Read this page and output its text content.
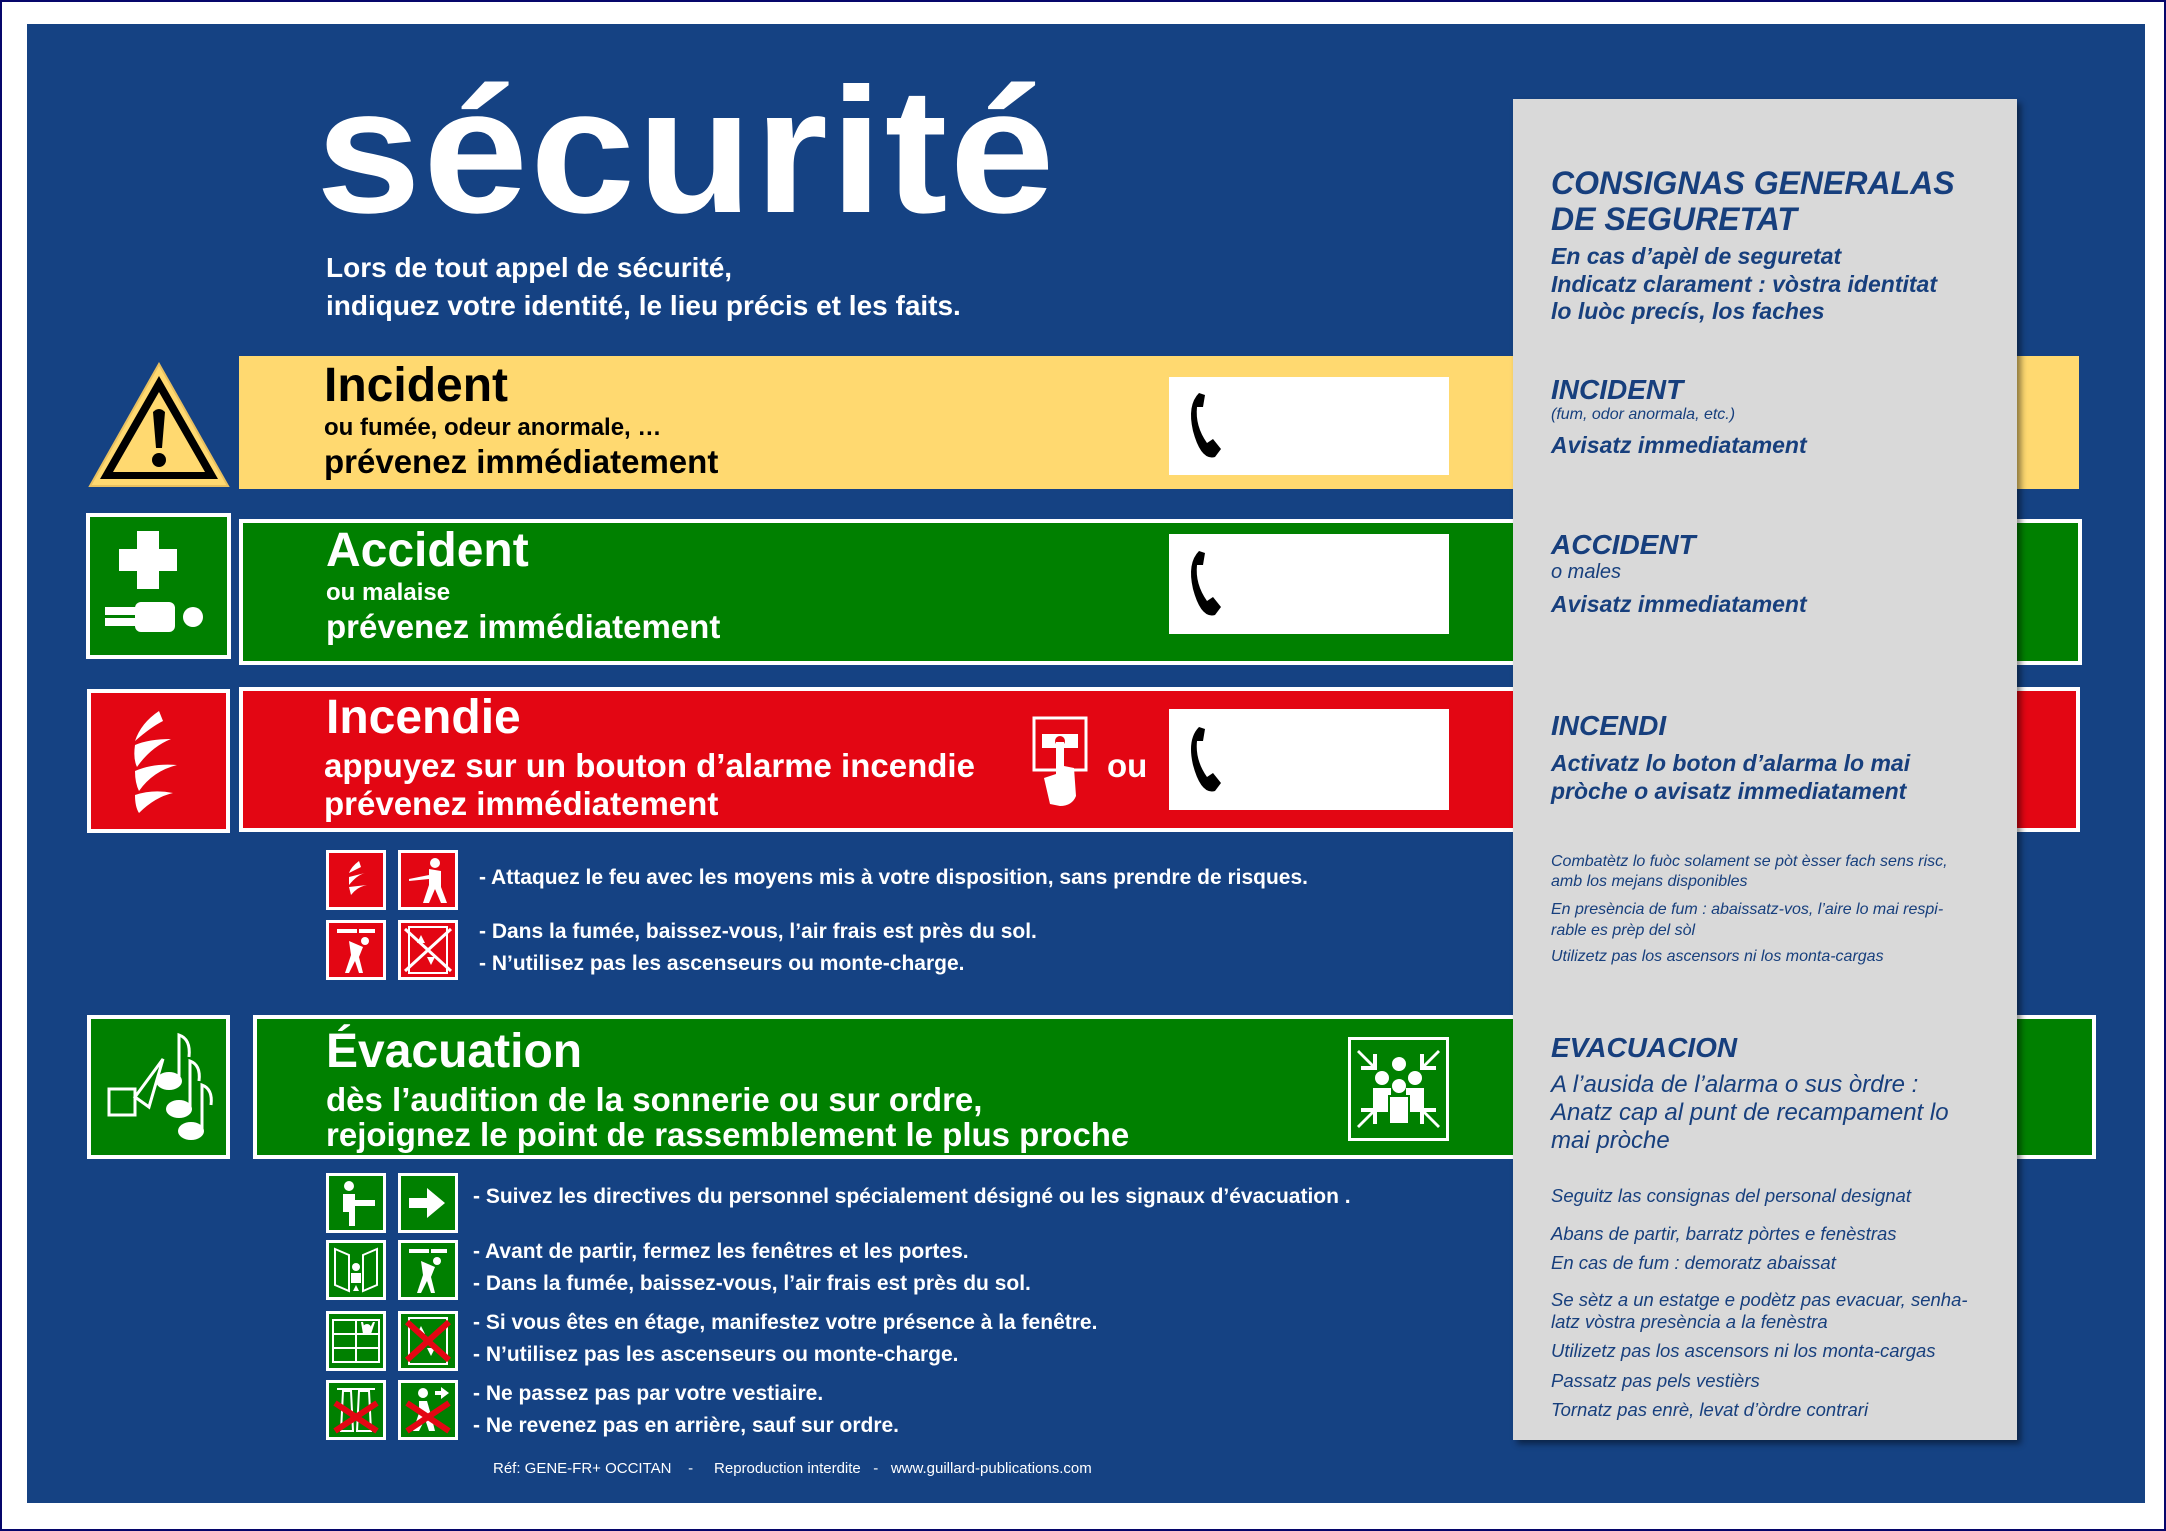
sécurité
Lors de tout appel de sécurité,
indiquez votre identité, le lieu précis et les faits.
Incident
ou fumée, odeur anormale, …
prévenez immédiatement
Accident
ou malaise
prévenez immédiatement
Incendie
appuyez sur un bouton d’alarme incendie
prévenez immédiatement
ou
- Attaquez le feu avec les moyens mis à votre disposition, sans prendre de risques.
- Dans la fumée, baissez-vous, l’air frais est près du sol.
- N’utilisez pas les ascenseurs ou monte-charge.
Évacuation
dès l’audition de la sonnerie ou sur ordre,
rejoignez le point de rassemblement le plus proche
- Suivez les directives du personnel spécialement désigné ou les signaux d’évacuation .
- Avant de partir, fermez les fenêtres et les portes.
- Dans la fumée, baissez-vous, l’air frais est près du sol.
- Si vous êtes en étage, manifestez votre présence à la fenêtre.
- N’utilisez pas les ascenseurs ou monte-charge.
- Ne passez pas par votre vestiaire.
- Ne revenez pas en arrière, sauf sur ordre.
Réf: GENE-FR+ OCCITAN - Reproduction interdite - www.guillard-publications.com
CONSIGNAS GENERALAS
DE SEGURETAT
En cas d’apèl de seguretat
Indicatz clarament : vòstra identitat
lo luòc precís, los faches
INCIDENT
(fum, odor anormala, etc.)
Avisatz immediatament
ACCIDENT
o males
Avisatz immediatament
INCENDI
Activatz lo boton d’alarma lo mai
pròche o avisatz immediatament
Combatètz lo fuòc solament se pòt èsser fach sens risc,
amb los mejans disponibles
En presència de fum : abaissatz-vos, l’aire lo mai respi-
rable es prèp del sòl
Utilizetz pas los ascensors ni los monta-cargas
EVACUACION
A l’ausida de l’alarma o sus òrdre :
Anatz cap al punt de recampament lo
mai pròche
Seguitz las consignas del personal designat
Abans de partir, barratz pòrtes e fenèstras
En cas de fum : demoratz abaissat
Se sètz a un estatge e podètz pas evacuar, senha-
latz vòstra presència a la fenèstra
Utilizetz pas los ascensors ni los monta-cargas
Passatz pas pels vestièrs
Tornatz pas enrè, levat d’òrdre contrari
